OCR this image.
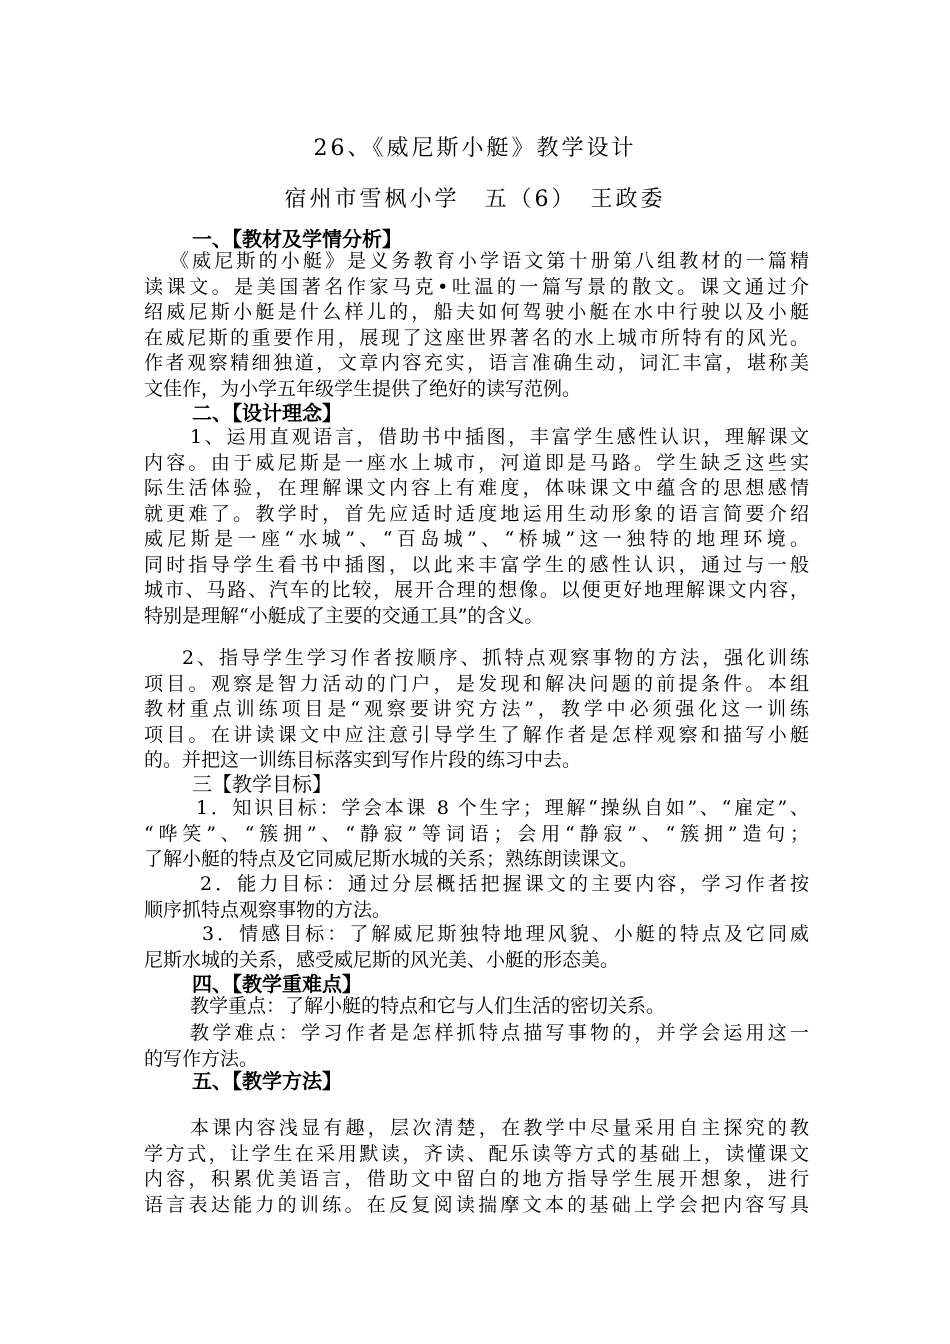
26、《威尼斯小艇》教学设计
宿州市雪枫小学　五（6）　王政委
一、【教材及学情分析】
《威尼斯的小艇》是义务教育小学语文第十册第八组教材的一篇精
读课文。是美国著名作家马克•吐温的一篇写景的散文。课文通过介
绍威尼斯小艇是什么样儿的，船夫如何驾驶小艇在水中行驶以及小艇
在威尼斯的重要作用，展现了这座世界著名的水上城市所特有的风光。
作者观察精细独道，文章内容充实，语言准确生动，词汇丰富，堪称美
文佳作，为小学五年级学生提供了绝好的读写范例。
二、【设计理念】
1、运用直观语言，借助书中插图，丰富学生感性认识，理解课文
内容。由于威尼斯是一座水上城市，河道即是马路。学生缺乏这些实
际生活体验，在理解课文内容上有难度，体味课文中蕴含的思想感情
就更难了。教学时，首先应适时适度地运用生动形象的语言简要介绍
威尼斯是一座“水城”、“百岛城”、“桥城”这一独特的地理环境。
同时指导学生看书中插图，以此来丰富学生的感性认识，通过与一般
城市、马路、汽车的比较，展开合理的想像。以便更好地理解课文内容，
特别是理解“小艇成了主要的交通工具”的含义。
2、指导学生学习作者按顺序、抓特点观察事物的方法，强化训练
项目。观察是智力活动的门户，是发现和解决问题的前提条件。本组
教材重点训练项目是“观察要讲究方法”，教学中必须强化这一训练
项目。在讲读课文中应注意引导学生了解作者是怎样观察和描写小艇
的。并把这一训练目标落实到写作片段的练习中去。
三【教学目标】
1．知识目标：学会本课 8 个生字；理解“操纵自如”、“雇定”、
“哗笑”、“簇拥”、“静寂”等词语；会用“静寂”、“簇拥”造句；
了解小艇的特点及它同威尼斯水城的关系；熟练朗读课文。
2．能力目标：通过分层概括把握课文的主要内容，学习作者按
顺序抓特点观察事物的方法。
3．情感目标：了解威尼斯独特地理风貌、小艇的特点及它同威
尼斯水城的关系，感受威尼斯的风光美、小艇的形态美。
四、【教学重难点】
教学重点：了解小艇的特点和它与人们生活的密切关系。
教学难点：学习作者是怎样抓特点描写事物的，并学会运用这一
的写作方法。
五、【教学方法】
本课内容浅显有趣，层次清楚，在教学中尽量采用自主探究的教
学方式，让学生在采用默读，齐读、配乐读等方式的基础上，读懂课文
内容，积累优美语言，借助文中留白的地方指导学生展开想象，进行
语言表达能力的训练。在反复阅读揣摩文本的基础上学会把内容写具
